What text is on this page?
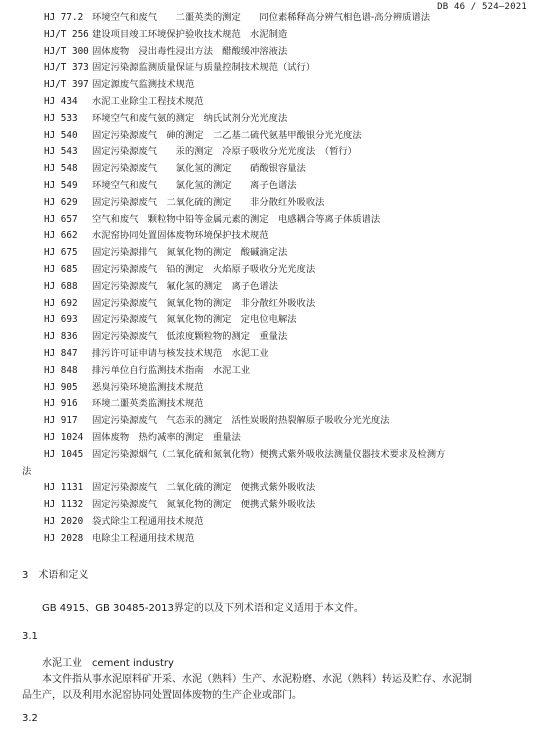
DB 46 / 524—2021
HJ 77.2 环境空气和废气　　二噩英类的测定　　同位素稀释高分辨气相色谱-高分辨质谱法
HJ/T 256 建设项目竣工环境保护验收技术规范　水泥制造
HJ/T 300 固体废物　浸出毒性浸出方法　醋酸缓冲溶液法
HJ/T 373 固定污染源监测质量保证与质量控制技术规范（试行）
HJ/T 397 固定源废气监测技术规范
HJ 434 水泥工业除尘工程技术规范
HJ 533 环境空气和废气氨的测定　纳氏试剂分光光度法
HJ 540 固定污染源废气　砷的测定　二乙基二硫代氨基甲酸银分光光度法
HJ 543 固定污染源废气　　汞的测定　冷原子吸收分光光度法　（暂行）
HJ 548 固定污染源废气　　氯化氢的测定　　硝酸银容量法
HJ 549 环境空气和废气　　氯化氢的测定　　离子色谱法
HJ 629 固定污染源废气　二氧化硫的测定　　非分散红外吸收法
HJ 657 空气和废气　颗粒物中铅等金属元素的测定　电感耦合等离子体质谱法
HJ 662 水泥窑协同处置固体废物环境保护技术规范
HJ 675 固定污染源排气　氮氧化物的测定　酸碱滴定法
HJ 685 固定污染源废气　铅的测定　火焰原子吸收分光光度法
HJ 688 固定污染源废气　氟化氢的测定　离子色谱法
HJ 692 固定污染源废气　氮氧化物的测定　非分散红外吸收法
HJ 693 固定污染源废气　氮氧化物的测定　定电位电解法
HJ 836 固定污染源废气　低浓度颗粒物的测定　重量法
HJ 847 排污许可证申请与核发技术规范　水泥工业
HJ 848 排污单位自行监测技术指南　水泥工业
HJ 905 恶臭污染环境监测技术规范
HJ 916 环境二噩英类监测技术规范
HJ 917 固定污染源废气　气态汞的测定　活性炭吸附热裂解原子吸收分光光度法
HJ 1024 固体废物　热灼减率的测定　重量法
HJ 1045 固定污染源烟气（二氧化硫和氮氧化物）便携式紫外吸收法测量仪器技术要求及检测方
法
HJ 1131 固定污染源废气　二氧化硫的测定　便携式紫外吸收法
HJ 1132 固定污染源废气　氮氧化物的测定　便携式紫外吸收法
HJ 2020 袋式除尘工程通用技术规范
HJ 2028 电除尘工程通用技术规范
3　术语和定义
GB 4915、GB 30485-2013界定的以及下列术语和定义适用于本文件。
3.1
水泥工业　cement industry
本文件指从事水泥原料矿开采、水泥（熟料）生产、水泥粉磨、水泥（熟料）转运及贮存、水泥制
品生产，以及利用水泥窑协同处置固体废物的生产企业或部门。
3.2
